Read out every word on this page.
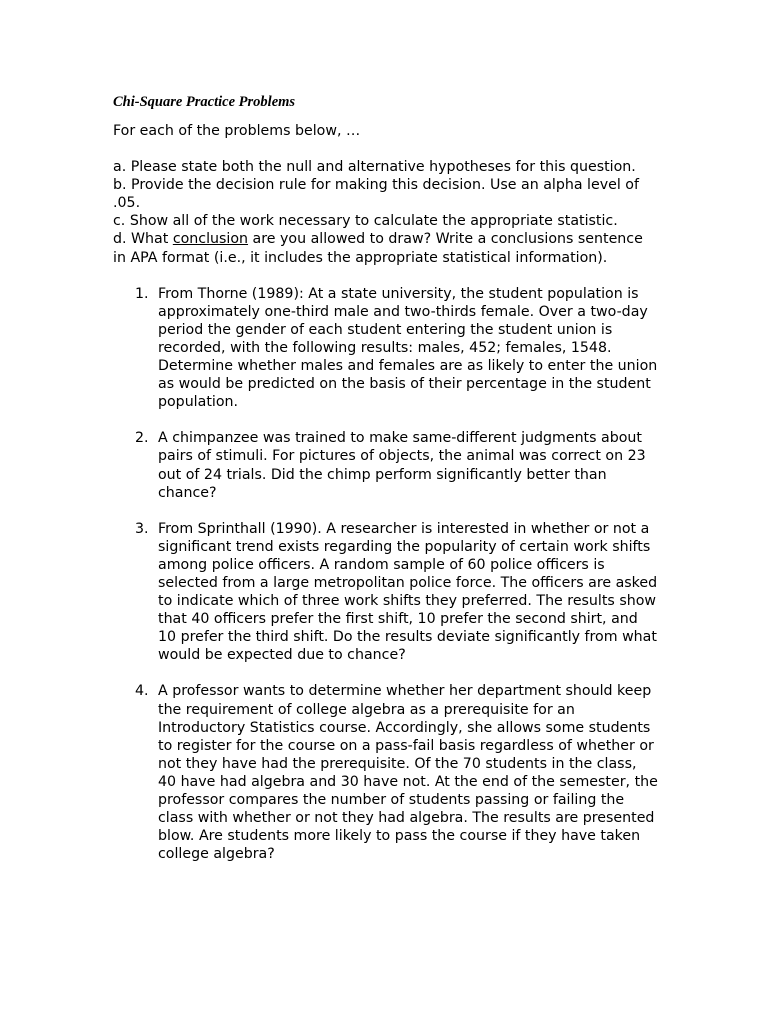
Chi-Square Practice Problems
For each of the problems below, …

a. Please state both the null and alternative hypotheses for this question.

b. Provide the decision rule for making this decision. Use an alpha level of .05.

c. Show all of the work necessary to calculate the appropriate statistic.

d. What conclusion are you allowed to draw? Write a conclusions sentence in APA format (i.e., it includes the appropriate statistical information).

1. From Thorne (1989): At a state university, the student population is approximately one-third male and two-thirds female. Over a two-day period the gender of each student entering the student union is recorded, with the following results: males, 452; females, 1548. Determine whether males and females are as likely to enter the union as would be predicted on the basis of their percentage in the student population.
2. A chimpanzee was trained to make same-different judgments about pairs of stimuli. For pictures of objects, the animal was correct on 23 out of 24 trials. Did the chimp perform significantly better than chance?
3. From Sprinthall (1990). A researcher is interested in whether or not a significant trend exists regarding the popularity of certain work shifts among police officers. A random sample of 60 police officers is selected from a large metropolitan police force. The officers are asked to indicate which of three work shifts they preferred. The results show that 40 officers prefer the first shift, 10 prefer the second shirt, and 10 prefer the third shift. Do the results deviate significantly from what would be expected due to chance?
4. A professor wants to determine whether her department should keep the requirement of college algebra as a prerequisite for an Introductory Statistics course. Accordingly, she allows some students to register for the course on a pass-fail basis regardless of whether or not they have had the prerequisite. Of the 70 students in the class, 40 have had algebra and 30 have not. At the end of the semester, the professor compares the number of students passing or failing the class with whether or not they had algebra. The results are presented blow. Are students more likely to pass the course if they have taken college algebra?
